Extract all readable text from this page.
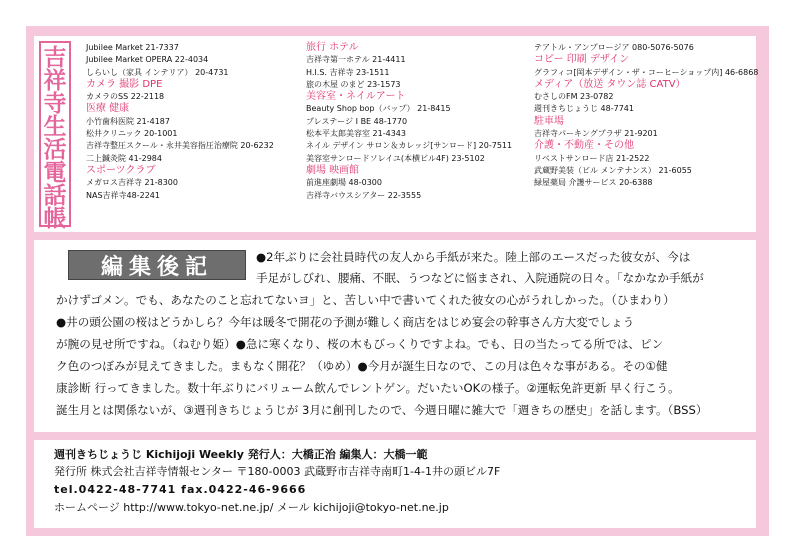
吉
祥
寺
生
活
電
話
帳
Jubilee Market 21-7337
Jubilee Market OPERA 22-4034
しらいし（家具 インテリア） 20-4731
カメラ 撮影 DPE
カメラのSS 22-2118
医療 健康
小竹歯科医院 21-4187
松井クリニック 20-1001
吉祥寺整圧スクール・永井美容指圧治療院 20-6232
二上鍼灸院 41-2984
スポーツクラブ
メガロス吉祥寺 21-8300
NAS吉祥寺48-2241
旅行 ホテル
吉祥寺第一ホテル 21-4411
H.I.S. 吉祥寺 23-1511
旅の木屋 のまど 23-1573
美容室・ネイルアート
Beauty Shop bop（バップ） 21-8415
プレステージ I BE 48-1770
松本平太郎美容室 21-4343
ネイル デザイン サロン＆カレッジ[サンロード] 20-7511
美容室サンロードソレイユ(本横ビル4F) 23-5102
劇場 映画館
前進座劇場 48-0300
吉祥寺バウスシアター 22-3555
テアトル・アンプロージア 080-5076-5076
コピー 印刷 デザイン
グラフィコ[岡本デザイン・ザ・コーヒーショップ内] 46-6868
メディア（放送 タウン誌 CATV）
むさしのFM 23-0782
週刊きちじょうじ 48-7741
駐車場
吉祥寺パーキングプラザ 21-9201
介護・不動産・その他
リベストサンロード店 21-2522
武蔵野美装（ビル メンテナンス） 21-6055
緑屋薬局 介護サービス 20-6388
●2年ぶりに会社員時代の友人から手紙が来た。陸上部のエースだった彼女が、今は
手足がしびれ、腰痛、不眠、うつなどに悩まされ、入院通院の日々。「なかなか手紙が
かけずゴメン。でも、あなたのこと忘れてないヨ」と、苦しい中で書いてくれた彼女の心がうれしかった。（ひまわり）
●井の頭公園の桜はどうかしら？今年は暖冬で開花の予測が難しく商店をはじめ宴会の幹事さん方大変でしょう
が腕の見せ所ですね。（ねむり姫）●急に寒くなり、桜の木もびっくりですよね。でも、日の当たってる所では、ピン
ク色のつぼみが見えてきました。まもなく開花？（ゆめ）●今月が誕生日なので、この月は色々な事がある。その①健
康診断 行ってきました。数十年ぶりにバリューム飲んでレントゲン。だいたいOKの様子。②運転免許更新 早く行こう。
誕生月とは関係ないが、③週刊きちじょうじが 3月に創刊したので、今週日曜に雑大で「週きちの歴史」を話します。（BSS）
編集後記
週刊きちじょうじ Kichijoji Weekly 発行人：大橋正治 編集人：大橋一範
発行所 株式会社吉祥寺情報センター 〒180-0003 武蔵野市吉祥寺南町1-4-1井の頭ビル7F
tel.0422-48-7741 fax.0422-46-9666
ホームページ http://www.tokyo-net.ne.jp/ メール kichijoji@tokyo-net.ne.jp
